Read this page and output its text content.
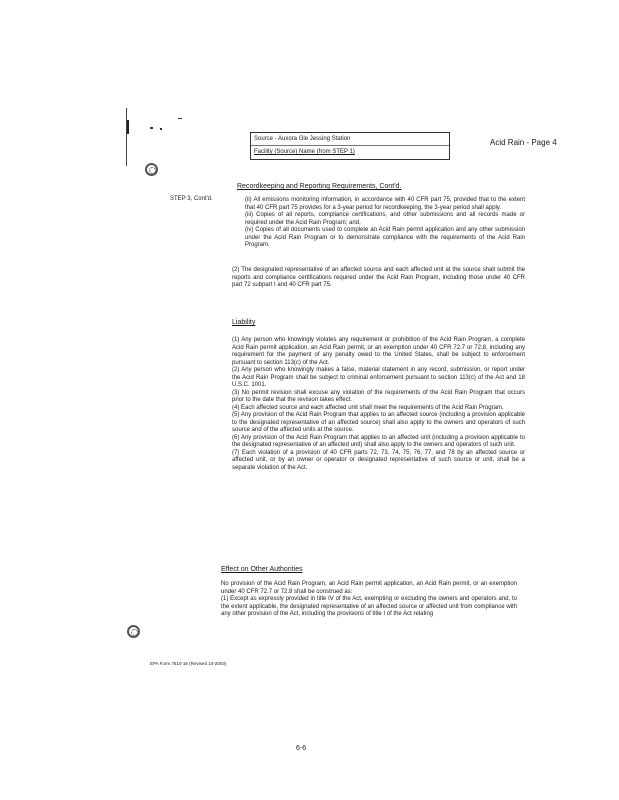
Source - Auxora Gle Jessing Station
Facility (Source) Name (from STEP 1)
Acid Rain - Page 4
Recordkeeping and Reporting Requirements, Cont'd.
STEP 3, Cont'd.	(ii) All emissions monitoring information, in accordance with 40 CFR part 75, provided that to the extent that 40 CFR part 75 provides for a 3-year period for recordkeeping, the 3-year period shall apply.
(iii) Copies of all reports, compliance certifications, and other submissions and all records made or required under the Acid Rain Program; and,
(iv) Copies of all documents used to complete an Acid Rain permit application and any other submission under the Acid Rain Program or to demonstrate compliance with the requirements of the Acid Rain Program.
(2) The designated representative of an affected source and each affected unit at the source shall submit the reports and compliance certifications required under the Acid Rain Program, including those under 40 CFR part 72 subpart I and 40 CFR part 75.
Liability
(1) Any person who knowingly violates any requirement or prohibition of the Acid Rain Program, a complete Acid Rain permit application, an Acid Rain permit, or an exemption under 40 CFR 72.7 or 72.8, including any requirement for the payment of any penalty owed to the United States, shall be subject to enforcement pursuant to section 113(c) of the Act.
(2) Any person who knowingly makes a false, material statement in any record, submission, or report under the Acid Rain Program shall be subject to criminal enforcement pursuant to section 113(c) of the Act and 18 U.S.C. 1001.
(3) No permit revision shall excuse any violation of the requirements of the Acid Rain Program that occurs prior to the date that the revision takes effect.
(4) Each affected source and each affected unit shall meet the requirements of the Acid Rain Program.
(5) Any provision of the Acid Rain Program that applies to an affected source (including a provision applicable to the designated representative of an affected source) shall also apply to the owners and operators of such source and of the affected units at the source.
(6) Any provision of the Acid Rain Program that applies to an affected unit (including a provision applicable to the designated representative of an affected unit) shall also apply to the owners and operators of such unit.
(7) Each violation of a provision of 40 CFR parts 72, 73, 74, 75, 76, 77, and 78 by an affected source or affected unit, or by an owner or operator or designated representative of such source or unit, shall be a separate violation of the Act.
Effect on Other Authorities
No provision of the Acid Rain Program, an Acid Rain permit application, an Acid Rain permit, or an exemption under 40 CFR 72.7 or 72.8 shall be construed as:
(1) Except as expressly provided in title IV of the Act, exempting or excluding the owners and operators and, to the extent applicable, the designated representative of an affected source or affected unit from compliance with any other provision of the Act, including the provisions of title I of the Act relating
EPA Form 7610-16 (Revised 10-2003)
6-6
